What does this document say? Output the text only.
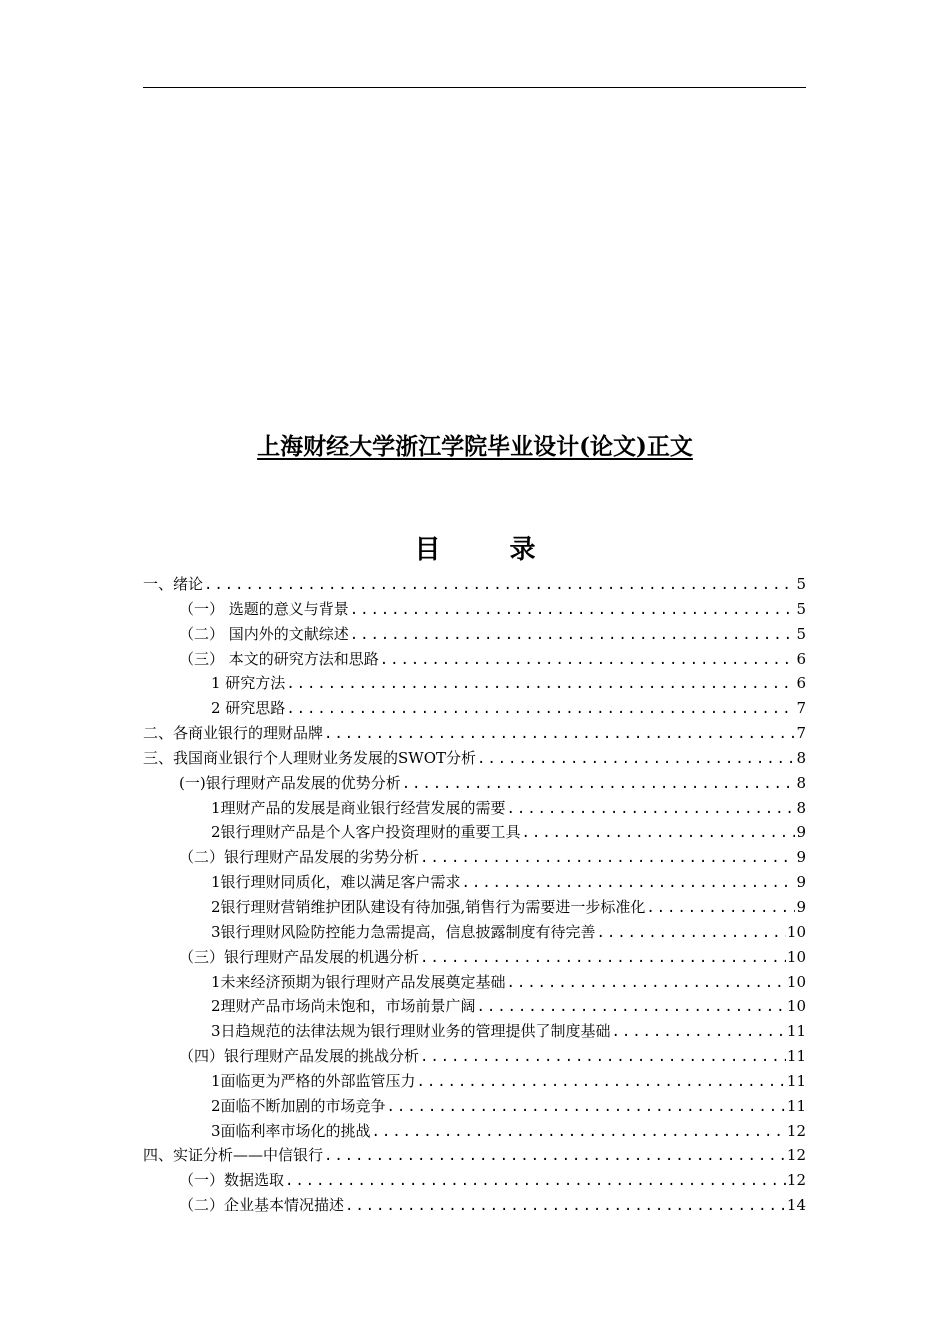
上海财经大学浙江学院毕业设计(论文)正文
目 录
一、绪论 .....	5
（一） 选题的意义与背景 .....	5
（二） 国内外的文献综述 .....	5
（三） 本文的研究方法和思路 .....	6
1 研究方法 .....	6
2 研究思路 .....	7
二、各商业银行的理财品牌 .....	7
三、我国商业银行个人理财业务发展的SWOT分析 .....	8
(一)银行理财产品发展的优势分析 .....	8
1理财产品的发展是商业银行经营发展的需要 .....	8
2银行理财产品是个人客户投资理财的重要工具 .....	9
（二）银行理财产品发展的劣势分析 .....	9
1银行理财同质化，难以满足客户需求 .....	9
2银行理财营销维护团队建设有待加强,销售行为需要进一步标准化 .....	9
3银行理财风险防控能力急需提高，信息披露制度有待完善 .....	10
（三）银行理财产品发展的机遇分析 .....	10
1未来经济预期为银行理财产品发展奠定基础 .....	10
2理财产品市场尚未饱和，市场前景广阔 .....	10
3日趋规范的法律法规为银行理财业务的管理提供了制度基础 .....	11
（四）银行理财产品发展的挑战分析 .....	11
1面临更为严格的外部监管压力 .....	11
2面临不断加剧的市场竞争 .....	11
3面临利率市场化的挑战 .....	12
四、实证分析——中信银行 .....	12
（一）数据选取 .....	12
（二）企业基本情况描述 .....	14
